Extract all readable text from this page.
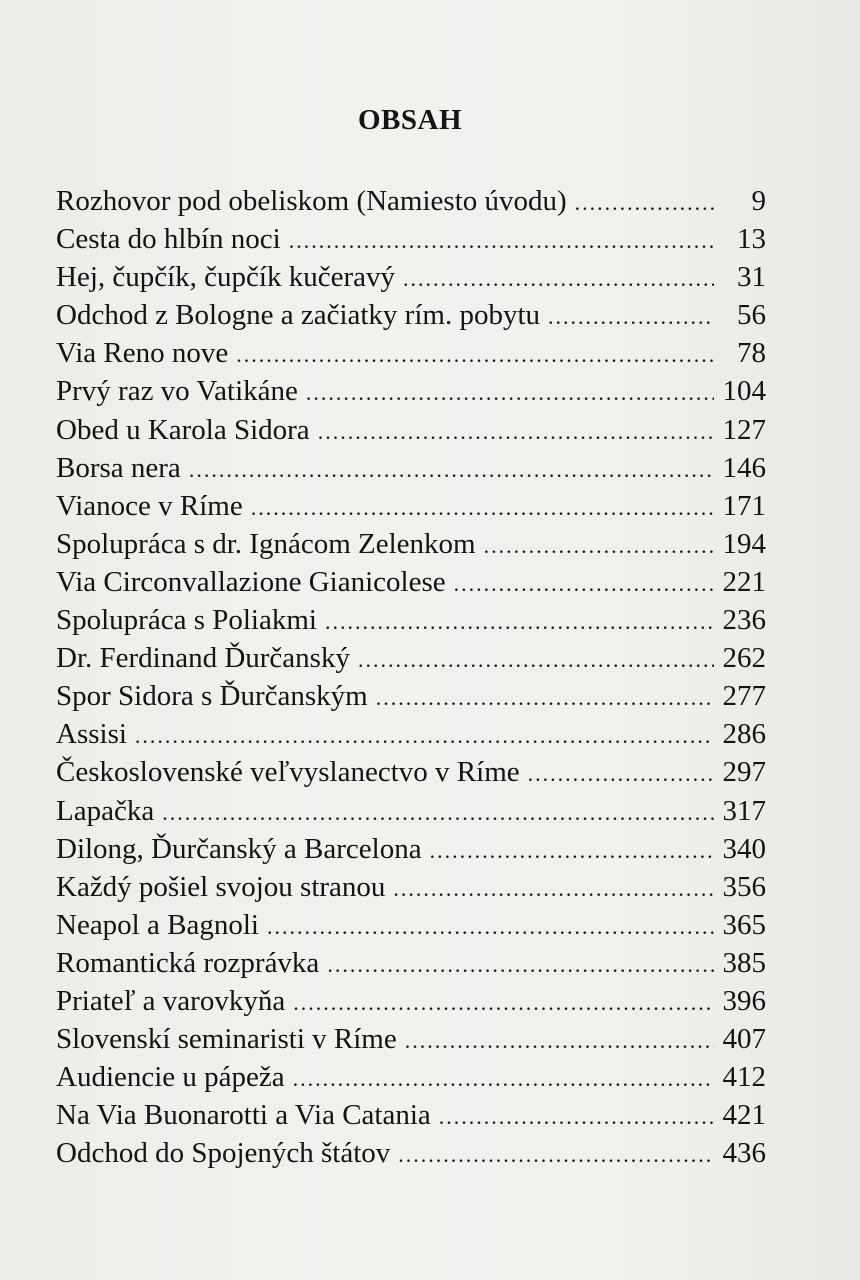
OBSAH
Rozhovor pod obeliskom (Namiesto úvodu) .....	9
Cesta do hlbín noci .....	13
Hej, čupčík, čupčík kučeravý .....	31
Odchod z Bologne a začiatky rím. pobytu .....	56
Via Reno nove .....	78
Prvý raz vo Vatikáne .....	104
Obed u Karola Sidora .....	127
Borsa nera .....	146
Vianoce v Ríme .....	171
Spolupráca s dr. Ignácom Zelenkom .....	194
Via Circonvallazione Gianicolese .....	221
Spolupráca s Poliakmi .....	236
Dr. Ferdinand Ďurčanský .....	262
Spor Sidora s Ďurčanským .....	277
Assisi .....	286
Československé veľvyslanectvo v Ríme .....	297
Lapačka .....	317
Dilong, Ďurčanský a Barcelona .....	340
Každý pošiel svojou stranou .....	356
Neapol a Bagnoli .....	365
Romantická rozprávka .....	385
Priateľ a varovkyňa .....	396
Slovenskí seminaristi v Ríme .....	407
Audiencie u pápeža .....	412
Na Via Buonarotti a Via Catania .....	421
Odchod do Spojených štátov .....	436
